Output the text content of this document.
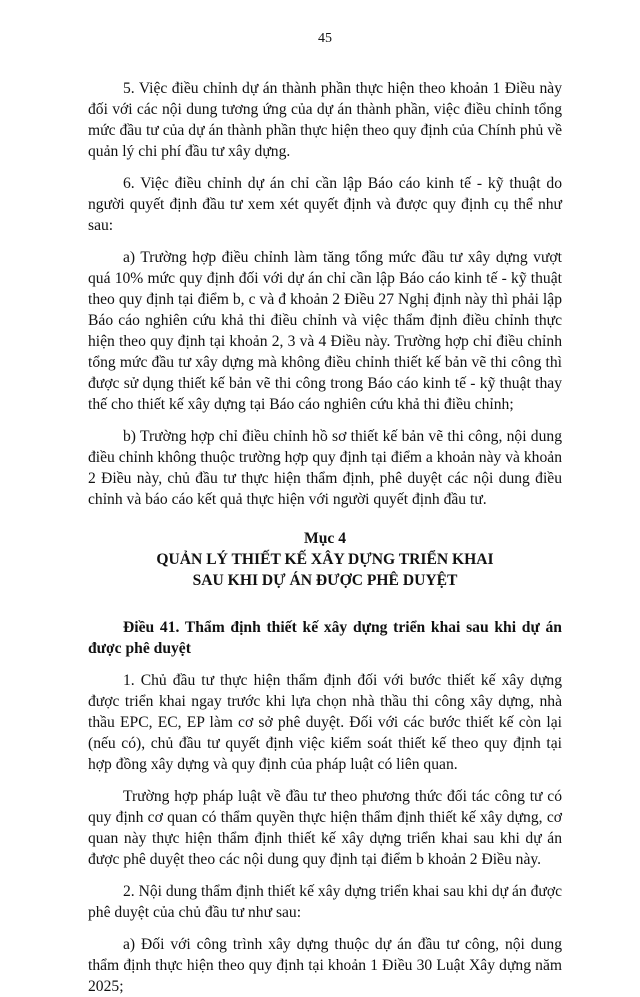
45

5. Việc điều chỉnh dự án thành phần thực hiện theo khoản 1 Điều này đối với các nội dung tương ứng của dự án thành phần, việc điều chỉnh tổng mức đầu tư của dự án thành phần thực hiện theo quy định của Chính phủ về quản lý chi phí đầu tư xây dựng.

6. Việc điều chỉnh dự án chỉ cần lập Báo cáo kinh tế - kỹ thuật do người quyết định đầu tư xem xét quyết định và được quy định cụ thể như sau:

a) Trường hợp điều chỉnh làm tăng tổng mức đầu tư xây dựng vượt quá 10% mức quy định đối với dự án chỉ cần lập Báo cáo kinh tế - kỹ thuật theo quy định tại điểm b, c và đ khoản 2 Điều 27 Nghị định này thì phải lập Báo cáo nghiên cứu khả thi điều chỉnh và việc thẩm định điều chỉnh thực hiện theo quy định tại khoản 2, 3 và 4 Điều này. Trường hợp chỉ điều chỉnh tổng mức đầu tư xây dựng mà không điều chỉnh thiết kế bản vẽ thi công thì được sử dụng thiết kế bản vẽ thi công trong Báo cáo kinh tế - kỹ thuật thay thế cho thiết kế xây dựng tại Báo cáo nghiên cứu khả thi điều chỉnh;

b) Trường hợp chỉ điều chỉnh hồ sơ thiết kế bản vẽ thi công, nội dung điều chỉnh không thuộc trường hợp quy định tại điểm a khoản này và khoản 2 Điều này, chủ đầu tư thực hiện thẩm định, phê duyệt các nội dung điều chỉnh và báo cáo kết quả thực hiện với người quyết định đầu tư.

Mục 4
QUẢN LÝ THIẾT KẾ XÂY DỰNG TRIỂN KHAI
SAU KHI DỰ ÁN ĐƯỢC PHÊ DUYỆT

Điều 41. Thẩm định thiết kế xây dựng triển khai sau khi dự án được phê duyệt

1. Chủ đầu tư thực hiện thẩm định đối với bước thiết kế xây dựng được triển khai ngay trước khi lựa chọn nhà thầu thi công xây dựng, nhà thầu EPC, EC, EP làm cơ sở phê duyệt. Đối với các bước thiết kế còn lại (nếu có), chủ đầu tư quyết định việc kiểm soát thiết kế theo quy định tại hợp đồng xây dựng và quy định của pháp luật có liên quan.

Trường hợp pháp luật về đầu tư theo phương thức đối tác công tư có quy định cơ quan có thẩm quyền thực hiện thẩm định thiết kế xây dựng, cơ quan này thực hiện thẩm định thiết kế xây dựng triển khai sau khi dự án được phê duyệt theo các nội dung quy định tại điểm b khoản 2 Điều này.

2. Nội dung thẩm định thiết kế xây dựng triển khai sau khi dự án được phê duyệt của chủ đầu tư như sau:

a) Đối với công trình xây dựng thuộc dự án đầu tư công, nội dung thẩm định thực hiện theo quy định tại khoản 1 Điều 30 Luật Xây dựng năm 2025;
